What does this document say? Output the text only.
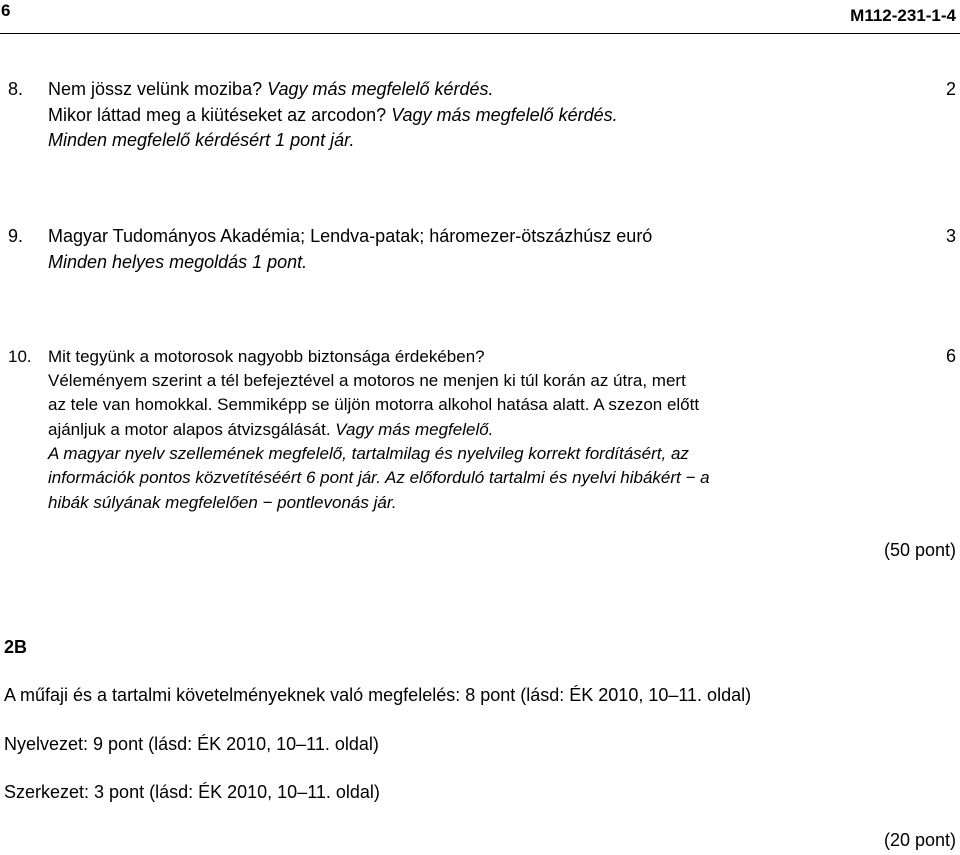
6	M112-231-1-4
8. Nem jössz velünk moziba? Vagy más megfelelő kérdés.
Mikor láttad meg a kiütéseket az arcodon? Vagy más megfelelő kérdés.
Minden megfelelő kérdésért 1 pont jár.
2
9. Magyar Tudományos Akadémia; Lendva-patak; háromezer-ötszázhúsz euró
Minden helyes megoldás 1 pont.
3
10. Mit tegyünk a motorosok nagyobb biztonsága érdekében?
Véleményem szerint a tél befejeztével a motoros ne menjen ki túl korán az útra, mert
az tele van homokkal. Semmiképp se üljön motorra alkohol hatása alatt. A szezon előtt
ajánljuk a motor alapos átvizsgálását. Vagy más megfelelő.
A magyar nyelv szellemének megfelelő, tartalmilag és nyelvileg korrekt fordításért, az
információk pontos közvetítéséért 6 pont jár. Az előforduló tartalmi és nyelvi hibákért − a
hibák súlyának megfelelően − pontlevonás jár.
6
(50 pont)
2B
A műfaji és a tartalmi követelményeknek való megfelelés: 8 pont (lásd: ÉK 2010, 10–11. oldal)
Nyelvezet: 9 pont (lásd: ÉK 2010, 10–11. oldal)
Szerkezet: 3 pont (lásd: ÉK 2010, 10–11. oldal)
(20 pont)
